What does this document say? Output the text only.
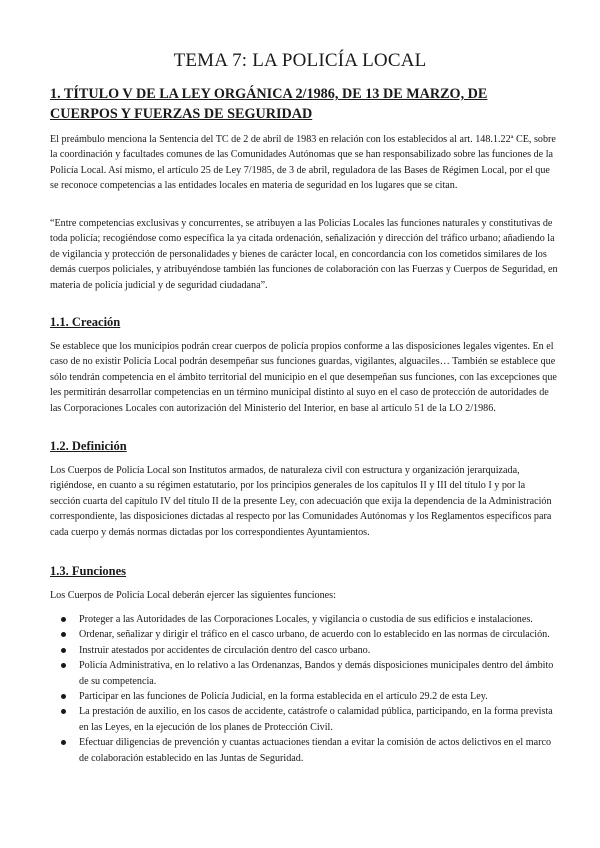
TEMA 7: LA POLICÍA LOCAL
1. TÍTULO V DE LA LEY ORGÁNICA 2/1986, DE 13 DE MARZO, DE CUERPOS Y FUERZAS DE SEGURIDAD

El preámbulo menciona la Sentencia del TC de 2 de abril de 1983 en relación con los establecidos al art. 148.1.22ª CE, sobre la coordinación y facultades comunes de las Comunidades Autónomas que se han responsabilizado sobre las funciones de la Policía Local. Así mismo, el artículo 25 de Ley 7/1985, de 3 de abril, reguladora de las Bases de Régimen Local, por el que se reconoce competencias a las entidades locales en materia de seguridad en los lugares que se citan.

“Entre competencias exclusivas y concurrentes, se atribuyen a las Policías Locales las funciones naturales y constitutivas de toda policía; recogiéndose como específica la ya citada ordenación, señalización y dirección del tráfico urbano; añadiendo la de vigilancia y protección de personalidades y bienes de carácter local, en concordancia con los cometidos similares de los demás cuerpos policiales, y atribuyéndose también las funciones de colaboración con las Fuerzas y Cuerpos de Seguridad, en materia de policía judicial y de seguridad ciudadana”.

1.1. Creación

Se establece que los municipios podrán crear cuerpos de policía propios conforme a las disposiciones legales vigentes. En el caso de no existir Policía Local podrán desempeñar sus funciones guardas, vigilantes, alguaciles… También se establece que sólo tendrán competencia en el ámbito territorial del municipio en el que desempeñan sus funciones, con las excepciones que les permitirán desarrollar competencias en un término municipal distinto al suyo en el caso de protección de autoridades de las Corporaciones Locales con autorización del Ministerio del Interior, en base al artículo 51 de la LO 2/1986.

1.2. Definición

Los Cuerpos de Policía Local son Institutos armados, de naturaleza civil con estructura y organización jerarquizada, rigiéndose, en cuanto a su régimen estatutario, por los principios generales de los capítulos II y III del título I y por la sección cuarta del capítulo IV del título II de la presente Ley, con adecuación que exija la dependencia de la Administración correspondiente, las disposiciones dictadas al respecto por las Comunidades Autónomas y los Reglamentos específicos para cada cuerpo y demás normas dictadas por los correspondientes Ayuntamientos.

1.3. Funciones

Los Cuerpos de Policía Local deberán ejercer las siguientes funciones:

Proteger a las Autoridades de las Corporaciones Locales, y vigilancia o custodia de sus edificios e instalaciones.
Ordenar, señalizar y dirigir el tráfico en el casco urbano, de acuerdo con lo establecido en las normas de circulación.
Instruir atestados por accidentes de circulación dentro del casco urbano.
Policía Administrativa, en lo relativo a las Ordenanzas, Bandos y demás disposiciones municipales dentro del ámbito de su competencia.
Participar en las funciones de Policía Judicial, en la forma establecida en el artículo 29.2 de esta Ley.
La prestación de auxilio, en los casos de accidente, catástrofe o calamidad pública, participando, en la forma prevista en las Leyes, en la ejecución de los planes de Protección Civil.
Efectuar diligencias de prevención y cuantas actuaciones tiendan a evitar la comisión de actos delictivos en el marco de colaboración establecido en las Juntas de Seguridad.
